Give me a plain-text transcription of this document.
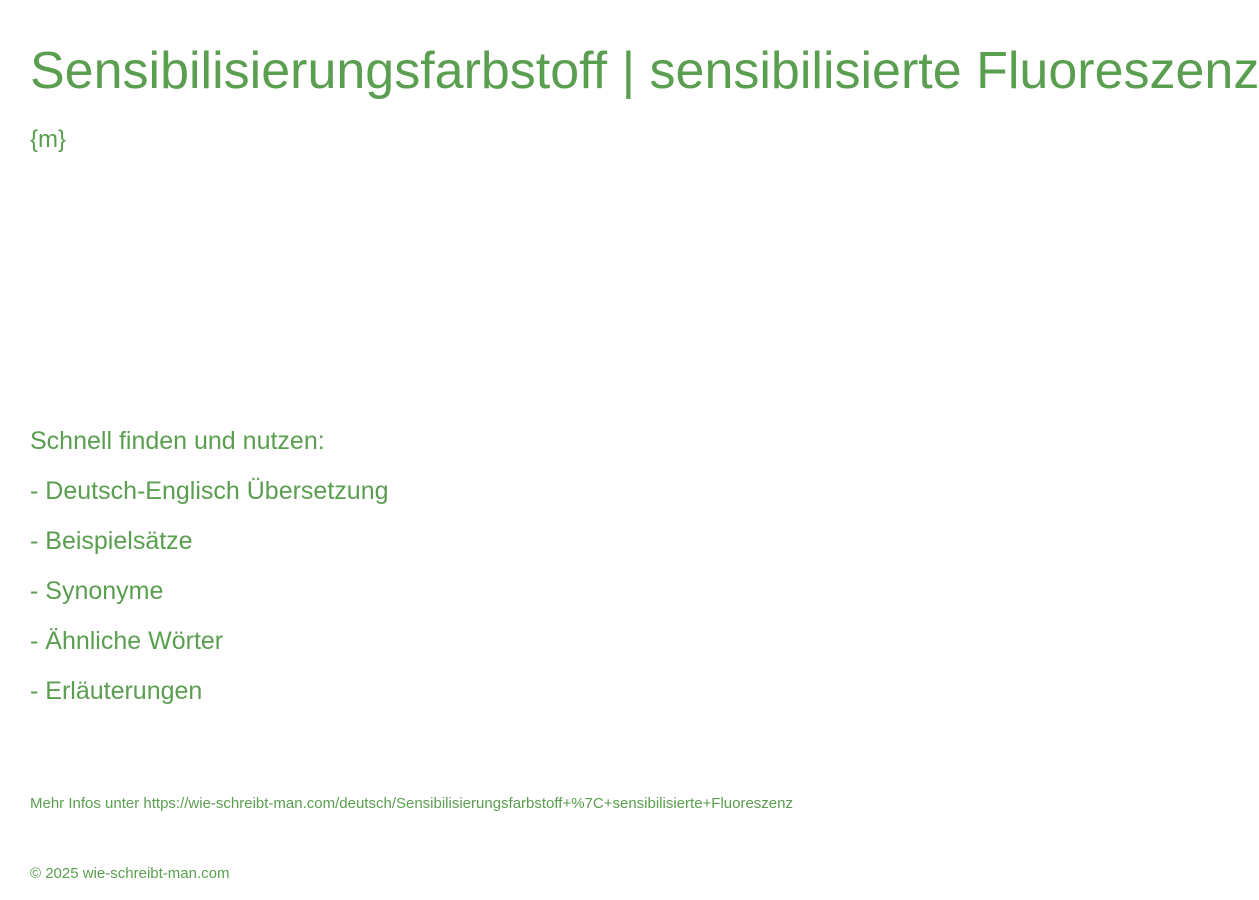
Sensibilisierungsfarbstoff | sensibilisierte Fluoreszenz
{m}
Schnell finden und nutzen:
- Deutsch-Englisch Übersetzung
- Beispielsätze
- Synonyme
- Ähnliche Wörter
- Erläuterungen
Mehr Infos unter https://wie-schreibt-man.com/deutsch/Sensibilisierungsfarbstoff+%7C+sensibilisierte+Fluoreszenz
© 2025 wie-schreibt-man.com
